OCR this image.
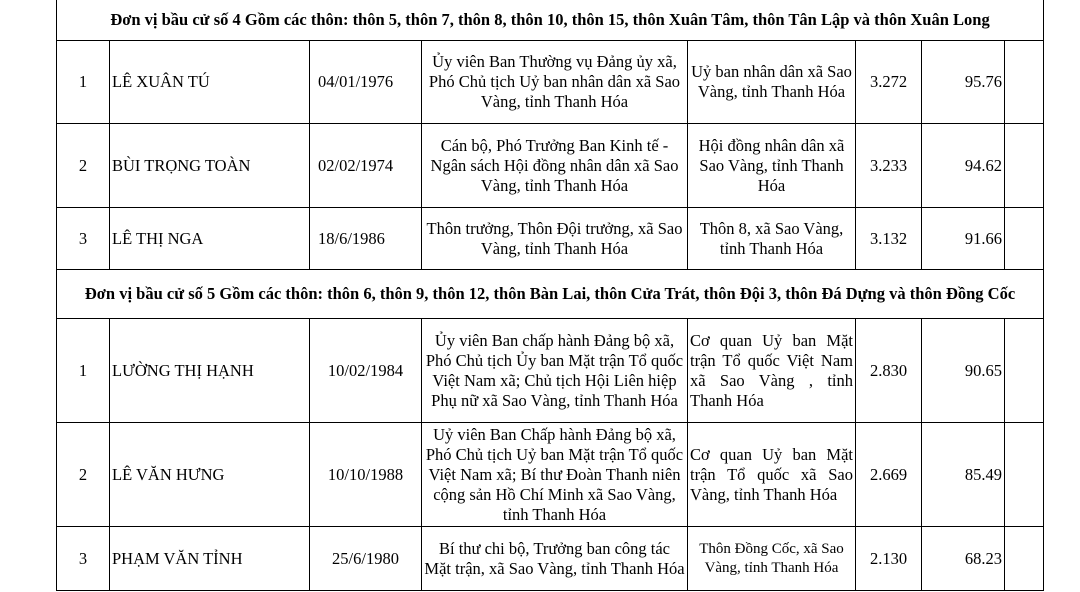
Đơn vị bầu cử số 4 Gồm các thôn: thôn 5, thôn 7, thôn 8, thôn 10, thôn 15, thôn Xuân Tâm, thôn Tân Lập và thôn Xuân Long							
1	LÊ XUÂN TÚ	04/01/1976	Ủy viên Ban Thường vụ Đảng ủy xã, Phó Chủ tịch Uỷ ban nhân dân xã Sao Vàng, tỉnh Thanh Hóa	Uỷ ban nhân dân xã Sao Vàng, tỉnh Thanh Hóa	3.272	95.76	
2	BÙI TRỌNG TOÀN	02/02/1974	Cán bộ, Phó Trưởng Ban Kinh tế - Ngân sách Hội đồng nhân dân xã Sao Vàng, tỉnh Thanh Hóa	Hội đồng nhân dân xã Sao Vàng, tỉnh Thanh Hóa	3.233	94.62	
3	LÊ THỊ NGA	18/6/1986	Thôn trưởng, Thôn Đội trưởng, xã Sao Vàng, tỉnh Thanh Hóa	Thôn 8, xã Sao Vàng, tỉnh Thanh Hóa	3.132	91.66	
Đơn vị bầu cử số 5 Gồm các thôn: thôn 6, thôn 9, thôn 12, thôn Bàn Lai, thôn Cửa Trát, thôn Đội 3, thôn Đá Dựng và thôn Đồng Cốc							
1	LƯỜNG THỊ HẠNH	10/02/1984	Ủy viên Ban chấp hành Đảng bộ xã, Phó Chủ tịch Ủy ban Mặt trận Tổ quốc Việt Nam xã; Chủ tịch Hội Liên hiệp Phụ nữ xã Sao Vàng, tỉnh Thanh Hóa	Cơ quan Uỷ ban Mặt trận Tổ quốc Việt Nam xã Sao Vàng , tỉnh Thanh Hóa	2.830	90.65	
2	LÊ VĂN HƯNG	10/10/1988	Uỷ viên Ban Chấp hành Đảng bộ xã, Phó Chủ tịch Uỷ ban Mặt trận Tổ quốc Việt Nam xã; Bí thư Đoàn Thanh niên cộng sản Hồ Chí Minh xã Sao Vàng, tỉnh Thanh Hóa	Cơ quan Uỷ ban Mặt trận Tổ quốc xã Sao Vàng, tỉnh Thanh Hóa	2.669	85.49	
3	PHẠM VĂN TỈNH	25/6/1980	Bí thư chi bộ, Trưởng ban công tác Mặt trận, xã Sao Vàng, tỉnh Thanh Hóa	Thôn Đồng Cốc, xã Sao Vàng, tỉnh Thanh Hóa	2.130	68.23	
